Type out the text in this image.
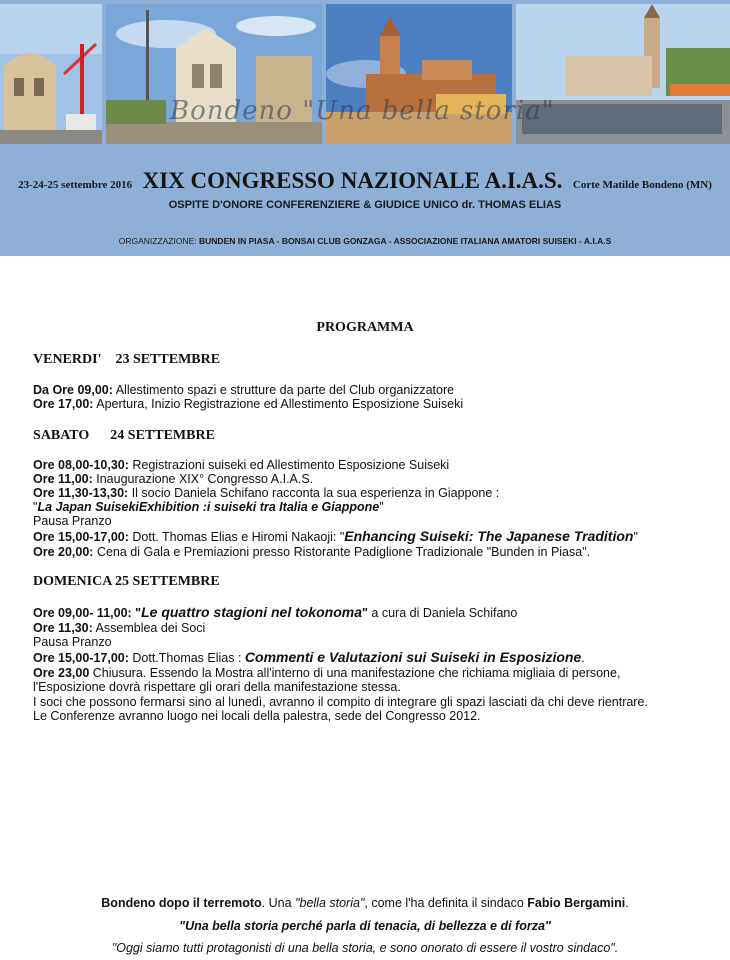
Bondeno "Una bella storia"
23-24-25 settembre 2016 XIX CONGRESSO NAZIONALE A.I.A.S. Corte Matilde Bondeno (MN)
OSPITE D'ONORE CONFERENZIERE & GIUDICE UNICO dr. THOMAS ELIAS
ORGANIZZAZIONE: BUNDEN IN PIASA - BONSAI CLUB GONZAGA - ASSOCIAZIONE ITALIANA AMATORI SUISEKI - A.I.A.S
PROGRAMMA
VENERDI'    23 SETTEMBRE
Da Ore 09,00: Allestimento spazi e strutture da parte del Club organizzatore
Ore 17,00: Apertura, Inizio Registrazione ed Allestimento Esposizione Suiseki
SABATO      24 SETTEMBRE
Ore 08,00-10,30: Registrazioni suiseki ed Allestimento Esposizione Suiseki
Ore 11,00: Inaugurazione XIX° Congresso A.I.A.S.
Ore 11,30-13,30: Il socio Daniela Schifano racconta la sua esperienza in Giappone :
"La Japan SuisekiExhibition :i suiseki tra Italia e Giappone"
Pausa Pranzo
Ore 15,00-17,00: Dott. Thomas Elias e Hiromi Nakaoji: "Enhancing Suiseki: The Japanese Tradition"
Ore 20,00: Cena di Gala e Premiazioni presso Ristorante Padiglione Tradizionale "Bunden in Piasa".
DOMENICA 25 SETTEMBRE
Ore 09,00- 11,00: "Le quattro stagioni nel tokonoma" a cura di Daniela Schifano
Ore 11,30: Assemblea dei Soci
Pausa Pranzo
Ore 15,00-17,00: Dott.Thomas Elias : Commenti e Valutazioni sui Suiseki in Esposizione.
Ore 23,00 Chiusura. Essendo la Mostra all'interno di una manifestazione che richiama migliaia di persone,
l'Esposizione dovrà rispettare gli orari della manifestazione stessa.
I soci che possono fermarsi sino al lunedì, avranno il compito di integrare gli spazi lasciati da chi deve rientrare.
Le Conferenze avranno luogo nei locali della palestra, sede del Congresso 2012.
Bondeno dopo il terremoto. Una "bella storia", come l'ha definita il sindaco Fabio Bergamini.
"Una bella storia perché parla di tenacia, di bellezza e di forza"
"Oggi siamo tutti protagonisti di una bella storia, e sono onorato di essere il vostro sindaco".
